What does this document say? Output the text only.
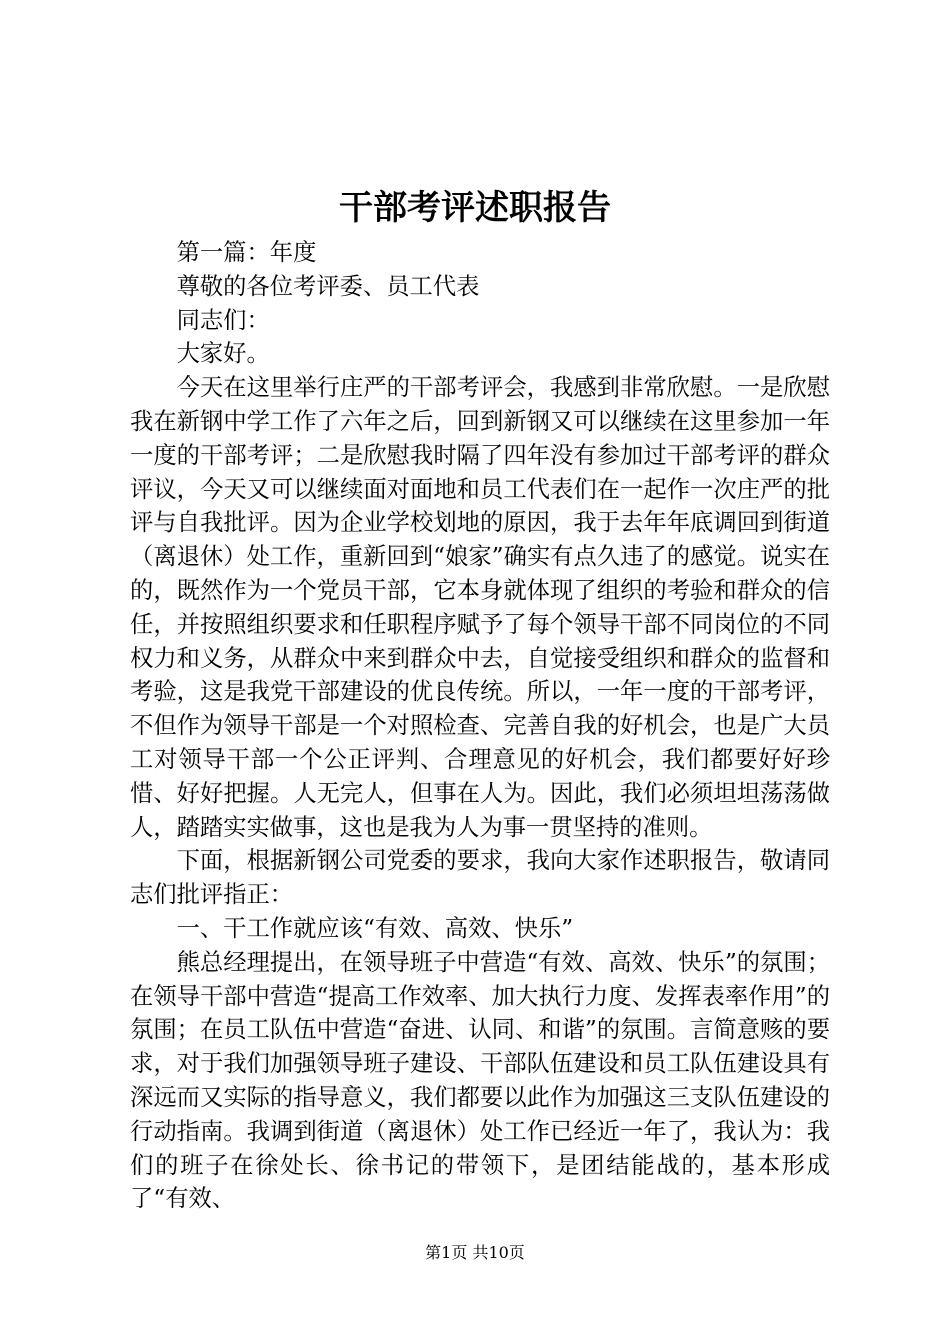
干部考评述职报告

第一篇：年度

尊敬的各位考评委、员工代表

同志们：

大家好。

今天在这里举行庄严的干部考评会，我感到非常欣慰。一是欣慰我在新钢中学工作了六年之后，回到新钢又可以继续在这里参加一年一度的干部考评；二是欣慰我时隔了四年没有参加过干部考评的群众评议，今天又可以继续面对面地和员工代表们在一起作一次庄严的批评与自我批评。因为企业学校划地的原因，我于去年年底调回到街道（离退休）处工作，重新回到“娘家”确实有点久违了的感觉。说实在的，既然作为一个党员干部，它本身就体现了组织的考验和群众的信任，并按照组织要求和任职程序赋予了每个领导干部不同岗位的不同权力和义务，从群众中来到群众中去，自觉接受组织和群众的监督和考验，这是我党干部建设的优良传统。所以，一年一度的干部考评，不但作为领导干部是一个对照检查、完善自我的好机会，也是广大员工对领导干部一个公正评判、合理意见的好机会，我们都要好好珍惜、好好把握。人无完人，但事在人为。因此，我们必须坦坦荡荡做人，踏踏实实做事，这也是我为人为事一贯坚持的准则。

下面，根据新钢公司党委的要求，我向大家作述职报告，敬请同志们批评指正：

一、干工作就应该“有效、高效、快乐”

熊总经理提出，在领导班子中营造“有效、高效、快乐”的氛围；在领导干部中营造“提高工作效率、加大执行力度、发挥表率作用”的氛围；在员工队伍中营造“奋进、认同、和谐”的氛围。言简意赅的要求，对于我们加强领导班子建设、干部队伍建设和员工队伍建设具有深远而又实际的指导意义，我们都要以此作为加强这三支队伍建设的行动指南。我调到街道（离退休）处工作已经近一年了，我认为：我们的班子在徐处长、徐书记的带领下，是团结能战的，基本形成了“有效、

第1页 共10页
